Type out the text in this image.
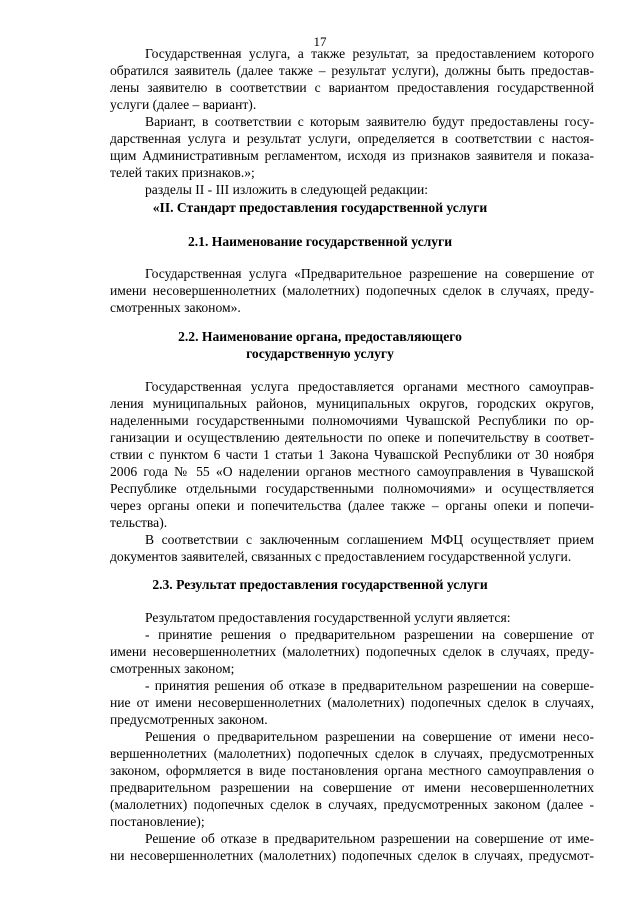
17
Государственная услуга, а также результат, за предоставлением которого
обратился заявитель (далее также – результат услуги), должны быть предостав-
лены заявителю в соответствии с вариантом предоставления государственной
услуги (далее – вариант).
Вариант, в соответствии с которым заявителю будут предоставлены госу-
дарственная услуга и результат услуги, определяется в соответствии с настоя-
щим Административным регламентом, исходя из признаков заявителя и показа-
телей таких признаков.»;
разделы II - III изложить в следующей редакции:
«II. Стандарт предоставления государственной услуги
2.1. Наименование государственной услуги
Государственная услуга «Предварительное разрешение на совершение от
имени несовершеннолетних (малолетних) подопечных сделок в случаях, преду-
смотренных законом».
2.2. Наименование органа, предоставляющего
государственную услугу
Государственная услуга предоставляется органами местного самоуправ-
ления муниципальных районов, муниципальных округов, городских округов,
наделенными государственными полномочиями Чувашской Республики по ор-
ганизации и осуществлению деятельности по опеке и попечительству в соответ-
ствии с пунктом 6 части 1 статьи 1 Закона Чувашской Республики от 30 ноября
2006 года № 55 «О наделении органов местного самоуправления в Чувашской
Республике отдельными государственными полномочиями» и осуществляется
через органы опеки и попечительства (далее также – органы опеки и попечи-
тельства).
В соответствии с заключенным соглашением МФЦ осуществляет прием
документов заявителей, связанных с предоставлением государственной услуги.
2.3. Результат предоставления государственной услуги
Результатом предоставления государственной услуги является:
- принятие решения о предварительном разрешении на совершение от
имени несовершеннолетних (малолетних) подопечных сделок в случаях, преду-
смотренных законом;
- принятия решения об отказе в предварительном разрешении на соверше-
ние от имени несовершеннолетних (малолетних) подопечных сделок в случаях,
предусмотренных законом.
Решения о предварительном разрешении на совершение от имени несо-
вершеннолетних (малолетних) подопечных сделок в случаях, предусмотренных
законом, оформляется в виде постановления органа местного самоуправления о
предварительном разрешении на совершение от имени несовершеннолетних
(малолетних) подопечных сделок в случаях, предусмотренных законом (далее -
постановление);
Решение об отказе в предварительном разрешении на совершение от име-
ни несовершеннолетних (малолетних) подопечных сделок в случаях, предусмот-
